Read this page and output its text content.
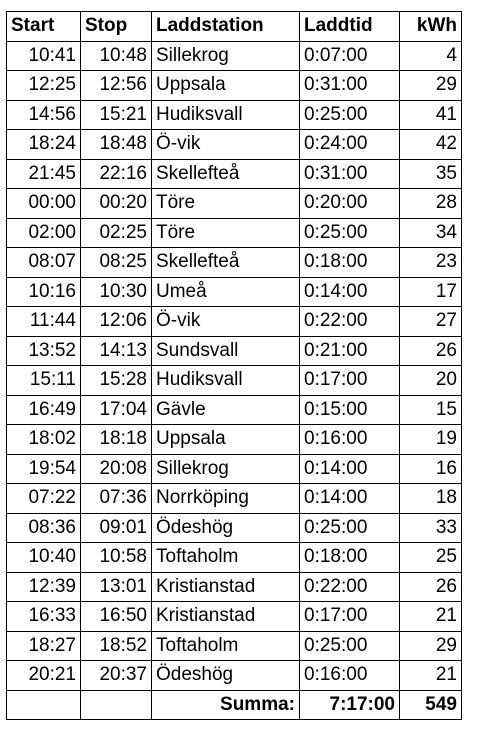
Start	Stop	Laddstation	Laddtid	kWh
10:41	10:48	Sillekrog	0:07:00	4
12:25	12:56	Uppsala	0:31:00	29
14:56	15:21	Hudiksvall	0:25:00	41
18:24	18:48	Ö-vik	0:24:00	42
21:45	22:16	Skellefteå	0:31:00	35
00:00	00:20	Töre	0:20:00	28
02:00	02:25	Töre	0:25:00	34
08:07	08:25	Skellefteå	0:18:00	23
10:16	10:30	Umeå	0:14:00	17
11:44	12:06	Ö-vik	0:22:00	27
13:52	14:13	Sundsvall	0:21:00	26
15:11	15:28	Hudiksvall	0:17:00	20
16:49	17:04	Gävle	0:15:00	15
18:02	18:18	Uppsala	0:16:00	19
19:54	20:08	Sillekrog	0:14:00	16
07:22	07:36	Norrköping	0:14:00	18
08:36	09:01	Ödeshög	0:25:00	33
10:40	10:58	Toftaholm	0:18:00	25
12:39	13:01	Kristianstad	0:22:00	26
16:33	16:50	Kristianstad	0:17:00	21
18:27	18:52	Toftaholm	0:25:00	29
20:21	20:37	Ödeshög	0:16:00	21
		Summa:	7:17:00	549
